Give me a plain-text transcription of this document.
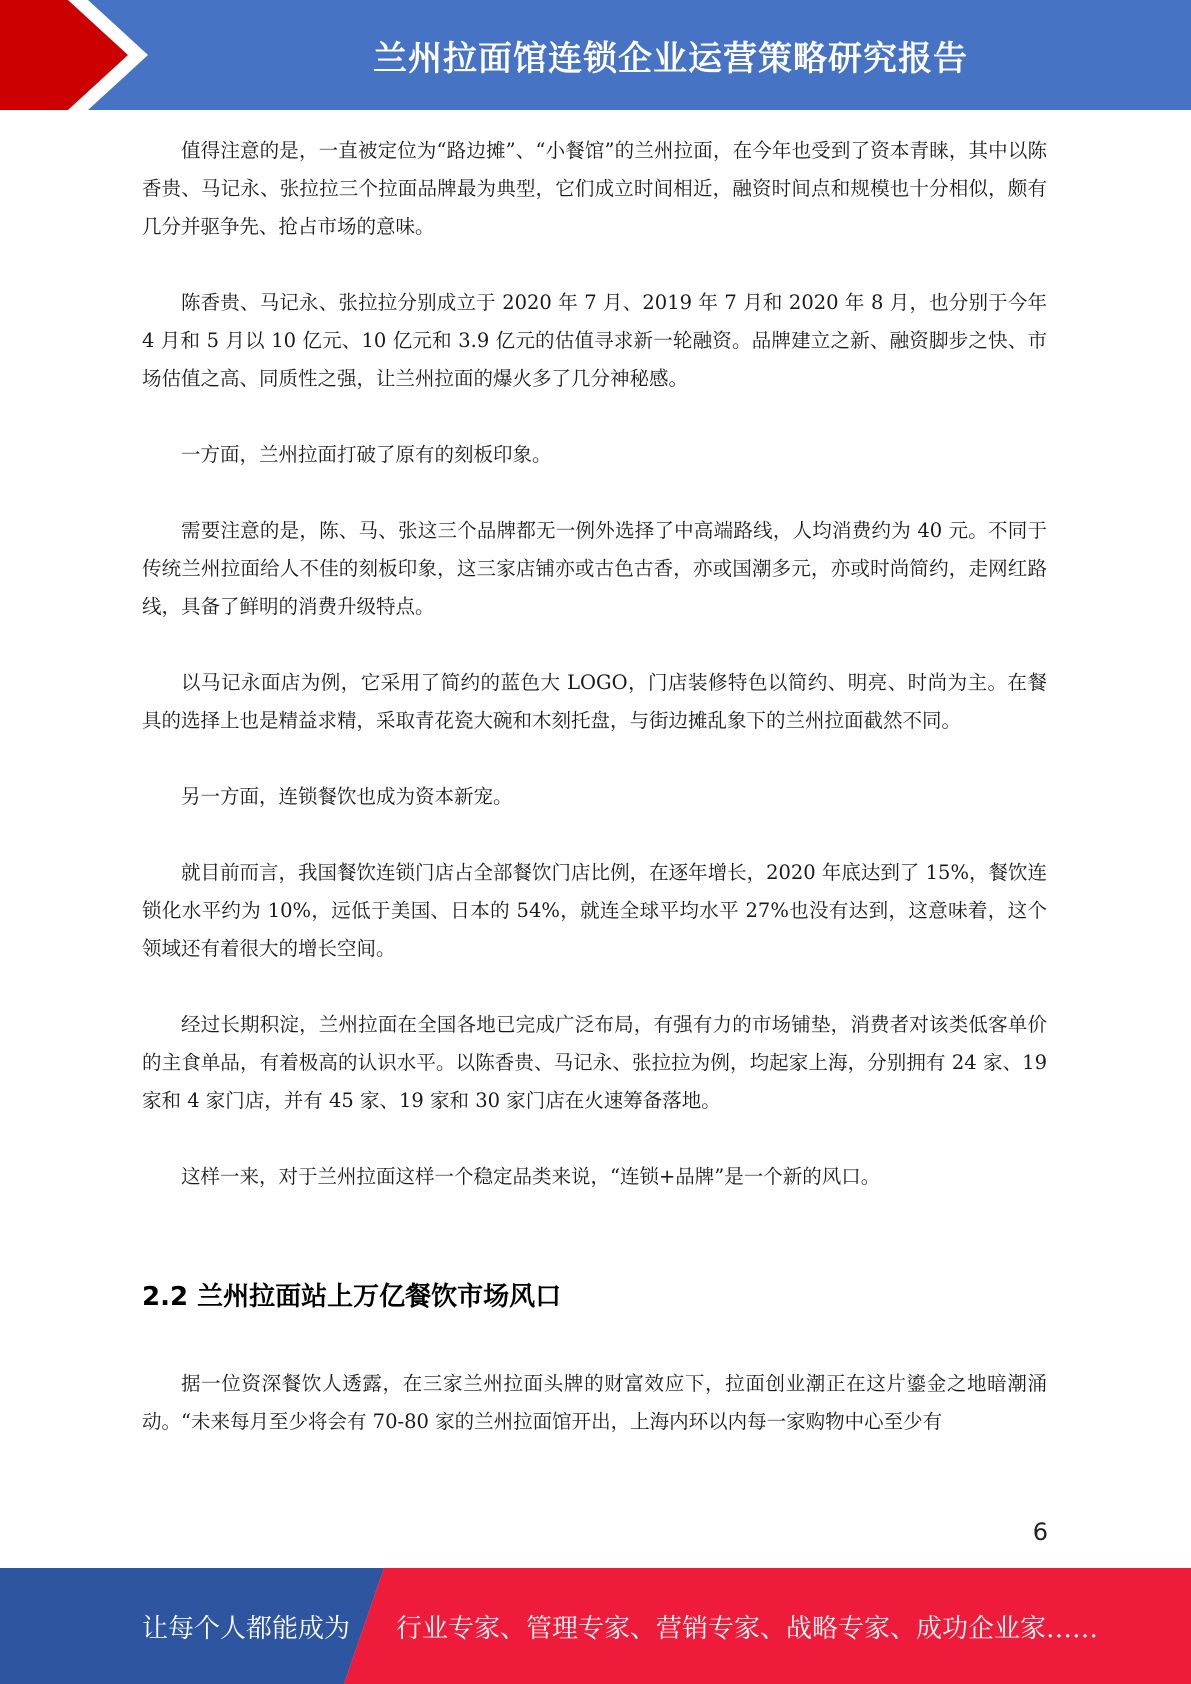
兰州拉面馆连锁企业运营策略研究报告

值得注意的是，一直被定位为“路边摊”、“小餐馆”的兰州拉面，在今年也受到了资本青睐，其中以陈香贵、马记永、张拉拉三个拉面品牌最为典型，它们成立时间相近，融资时间点和规模也十分相似，颇有几分并驱争先、抢占市场的意味。

陈香贵、马记永、张拉拉分别成立于 2020 年 7 月、2019 年 7 月和 2020 年 8 月，也分别于今年 4 月和 5 月以 10 亿元、10 亿元和 3.9 亿元的估值寻求新一轮融资。品牌建立之新、融资脚步之快、市场估值之高、同质性之强，让兰州拉面的爆火多了几分神秘感。

一方面，兰州拉面打破了原有的刻板印象。

需要注意的是，陈、马、张这三个品牌都无一例外选择了中高端路线，人均消费约为 40 元。不同于传统兰州拉面给人不佳的刻板印象，这三家店铺亦或古色古香，亦或国潮多元，亦或时尚简约，走网红路线，具备了鲜明的消费升级特点。

以马记永面店为例，它采用了简约的蓝色大 LOGO，门店装修特色以简约、明亮、时尚为主。在餐具的选择上也是精益求精，采取青花瓷大碗和木刻托盘，与街边摊乱象下的兰州拉面截然不同。

另一方面，连锁餐饮也成为资本新宠。

就目前而言，我国餐饮连锁门店占全部餐饮门店比例，在逐年增长，2020 年底达到了 15%，餐饮连锁化水平约为 10%，远低于美国、日本的 54%，就连全球平均水平 27%也没有达到，这意味着，这个领域还有着很大的增长空间。

经过长期积淀，兰州拉面在全国各地已完成广泛布局，有强有力的市场铺垫，消费者对该类低客单价的主食单品，有着极高的认识水平。以陈香贵、马记永、张拉拉为例，均起家上海，分别拥有 24 家、19 家和 4 家门店，并有 45 家、19 家和 30 家门店在火速筹备落地。

这样一来，对于兰州拉面这样一个稳定品类来说，“连锁+品牌”是一个新的风口。

2.2 兰州拉面站上万亿餐饮市场风口

据一位资深餐饮人透露，在三家兰州拉面头牌的财富效应下，拉面创业潮正在这片鎏金之地暗潮涌动。“未来每月至少将会有 70-80 家的兰州拉面馆开出，上海内环以内每一家购物中心至少有

6
让每个人都能成为 行业专家、管理专家、营销专家、战略专家、成功企业家……
